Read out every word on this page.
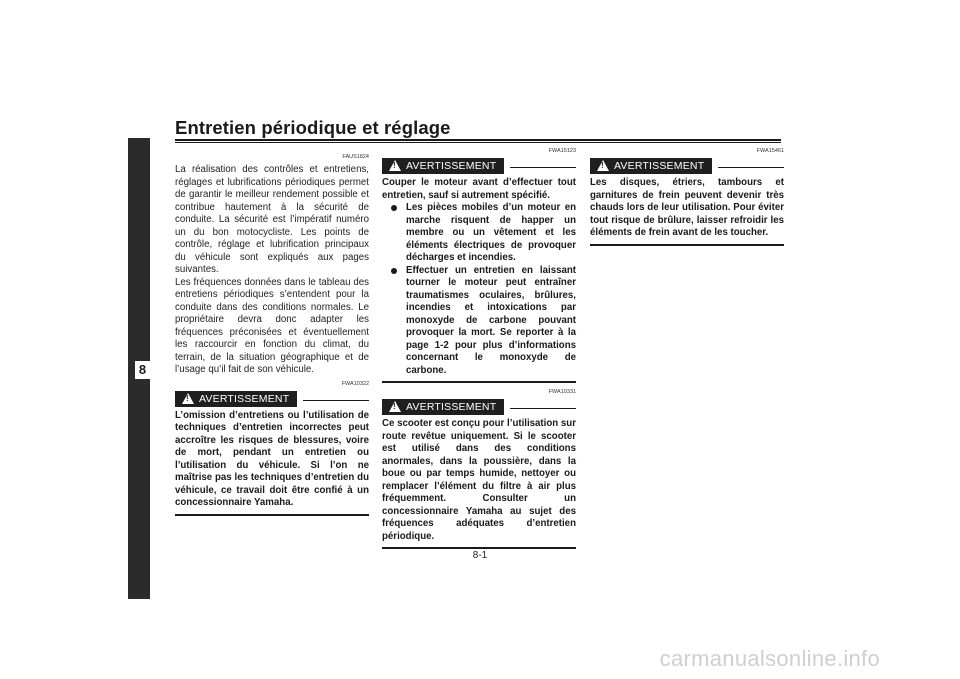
Entretien périodique et réglage
8
FAUS1824

La réalisation des contrôles et entretiens, réglages et lubrifications périodiques permet de garantir le meilleur rendement possible et contribue hautement à la sécurité de conduite. La sécurité est l’impératif numéro un du bon motocycliste. Les points de contrôle, réglage et lubrification principaux du véhicule sont expliqués aux pages suivantes.

Les fréquences données dans le tableau des entretiens périodiques s’entendent pour la conduite dans des conditions normales. Le propriétaire devra donc adapter les fréquences préconisées et éventuellement les raccourcir en fonction du climat, du terrain, de la situation géographique et de l’usage qu’il fait de son véhicule.

FWA10322
!
AVERTISSEMENT
L’omission d’entretiens ou l’utilisation de techniques d’entretien incorrectes peut accroître les risques de blessures, voire de mort, pendant un entretien ou l’utilisation du véhicule. Si l’on ne maîtrise pas les techniques d’entretien du véhicule, ce travail doit être confié à un concessionnaire Yamaha.
FWA15123
!
AVERTISSEMENT
Couper le moteur avant d’effectuer tout entretien, sauf si autrement spécifié.
Les pièces mobiles d’un moteur en marche risquent de happer un membre ou un vêtement et les éléments électriques de provoquer décharges et incendies.
Effectuer un entretien en laissant tourner le moteur peut entraîner traumatismes oculaires, brûlures, incendies et intoxications par monoxyde de carbone pouvant provoquer la mort. Se reporter à la page 1-2 pour plus d’informations concernant le monoxyde de carbone.
FWA10331
!
AVERTISSEMENT
Ce scooter est conçu pour l’utilisation sur route revêtue uniquement. Si le scooter est utilisé dans des conditions anormales, dans la poussière, dans la boue ou par temps humide, nettoyer ou remplacer l’élément du filtre à air plus fréquemment. Consulter un concessionnaire Yamaha au sujet des fréquences adéquates d’entretien périodique.
FWA15461
!
AVERTISSEMENT
Les disques, étriers, tambours et garnitures de frein peuvent devenir très chauds lors de leur utilisation. Pour éviter tout risque de brûlure, laisser refroidir les éléments de frein avant de les toucher.
8-1
carmanualsonline.info
